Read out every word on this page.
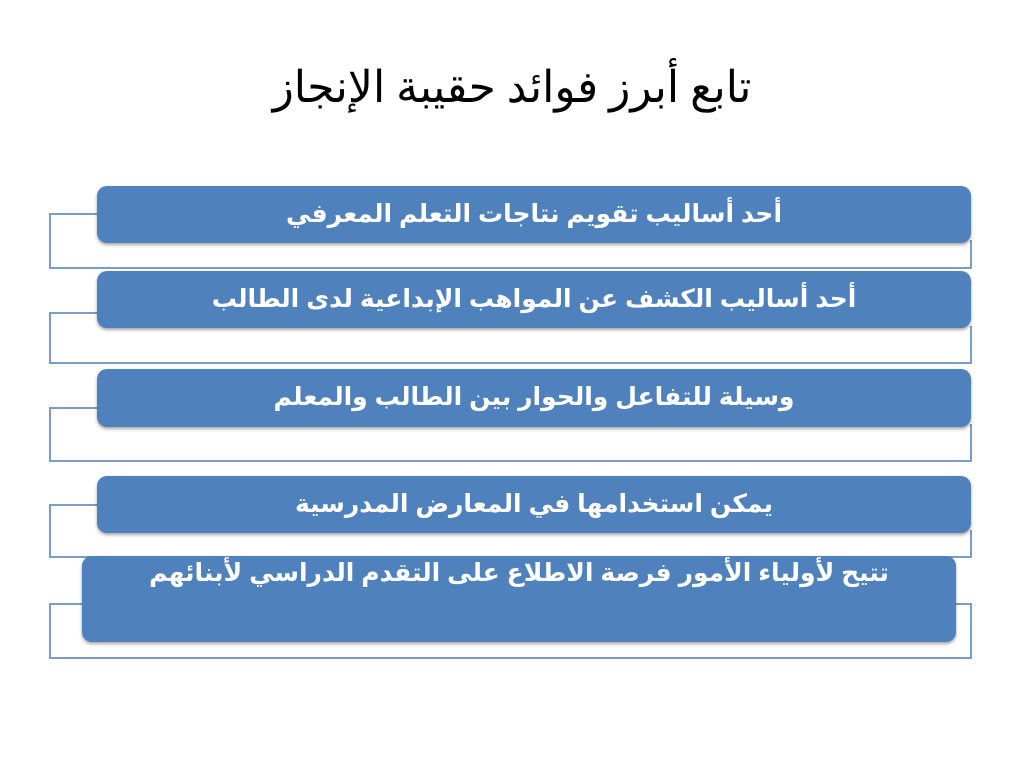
تابع أبرز فوائد حقيبة الإنجاز
أحد أساليب تقويم نتاجات التعلم المعرفي
أحد أساليب الكشف عن المواهب الإبداعية لدى الطالب
وسيلة للتفاعل والحوار بين الطالب والمعلم
يمكن استخدامها في المعارض المدرسية
تتيح لأولياء الأمور فرصة الاطلاع على التقدم الدراسي لأبنائهم
